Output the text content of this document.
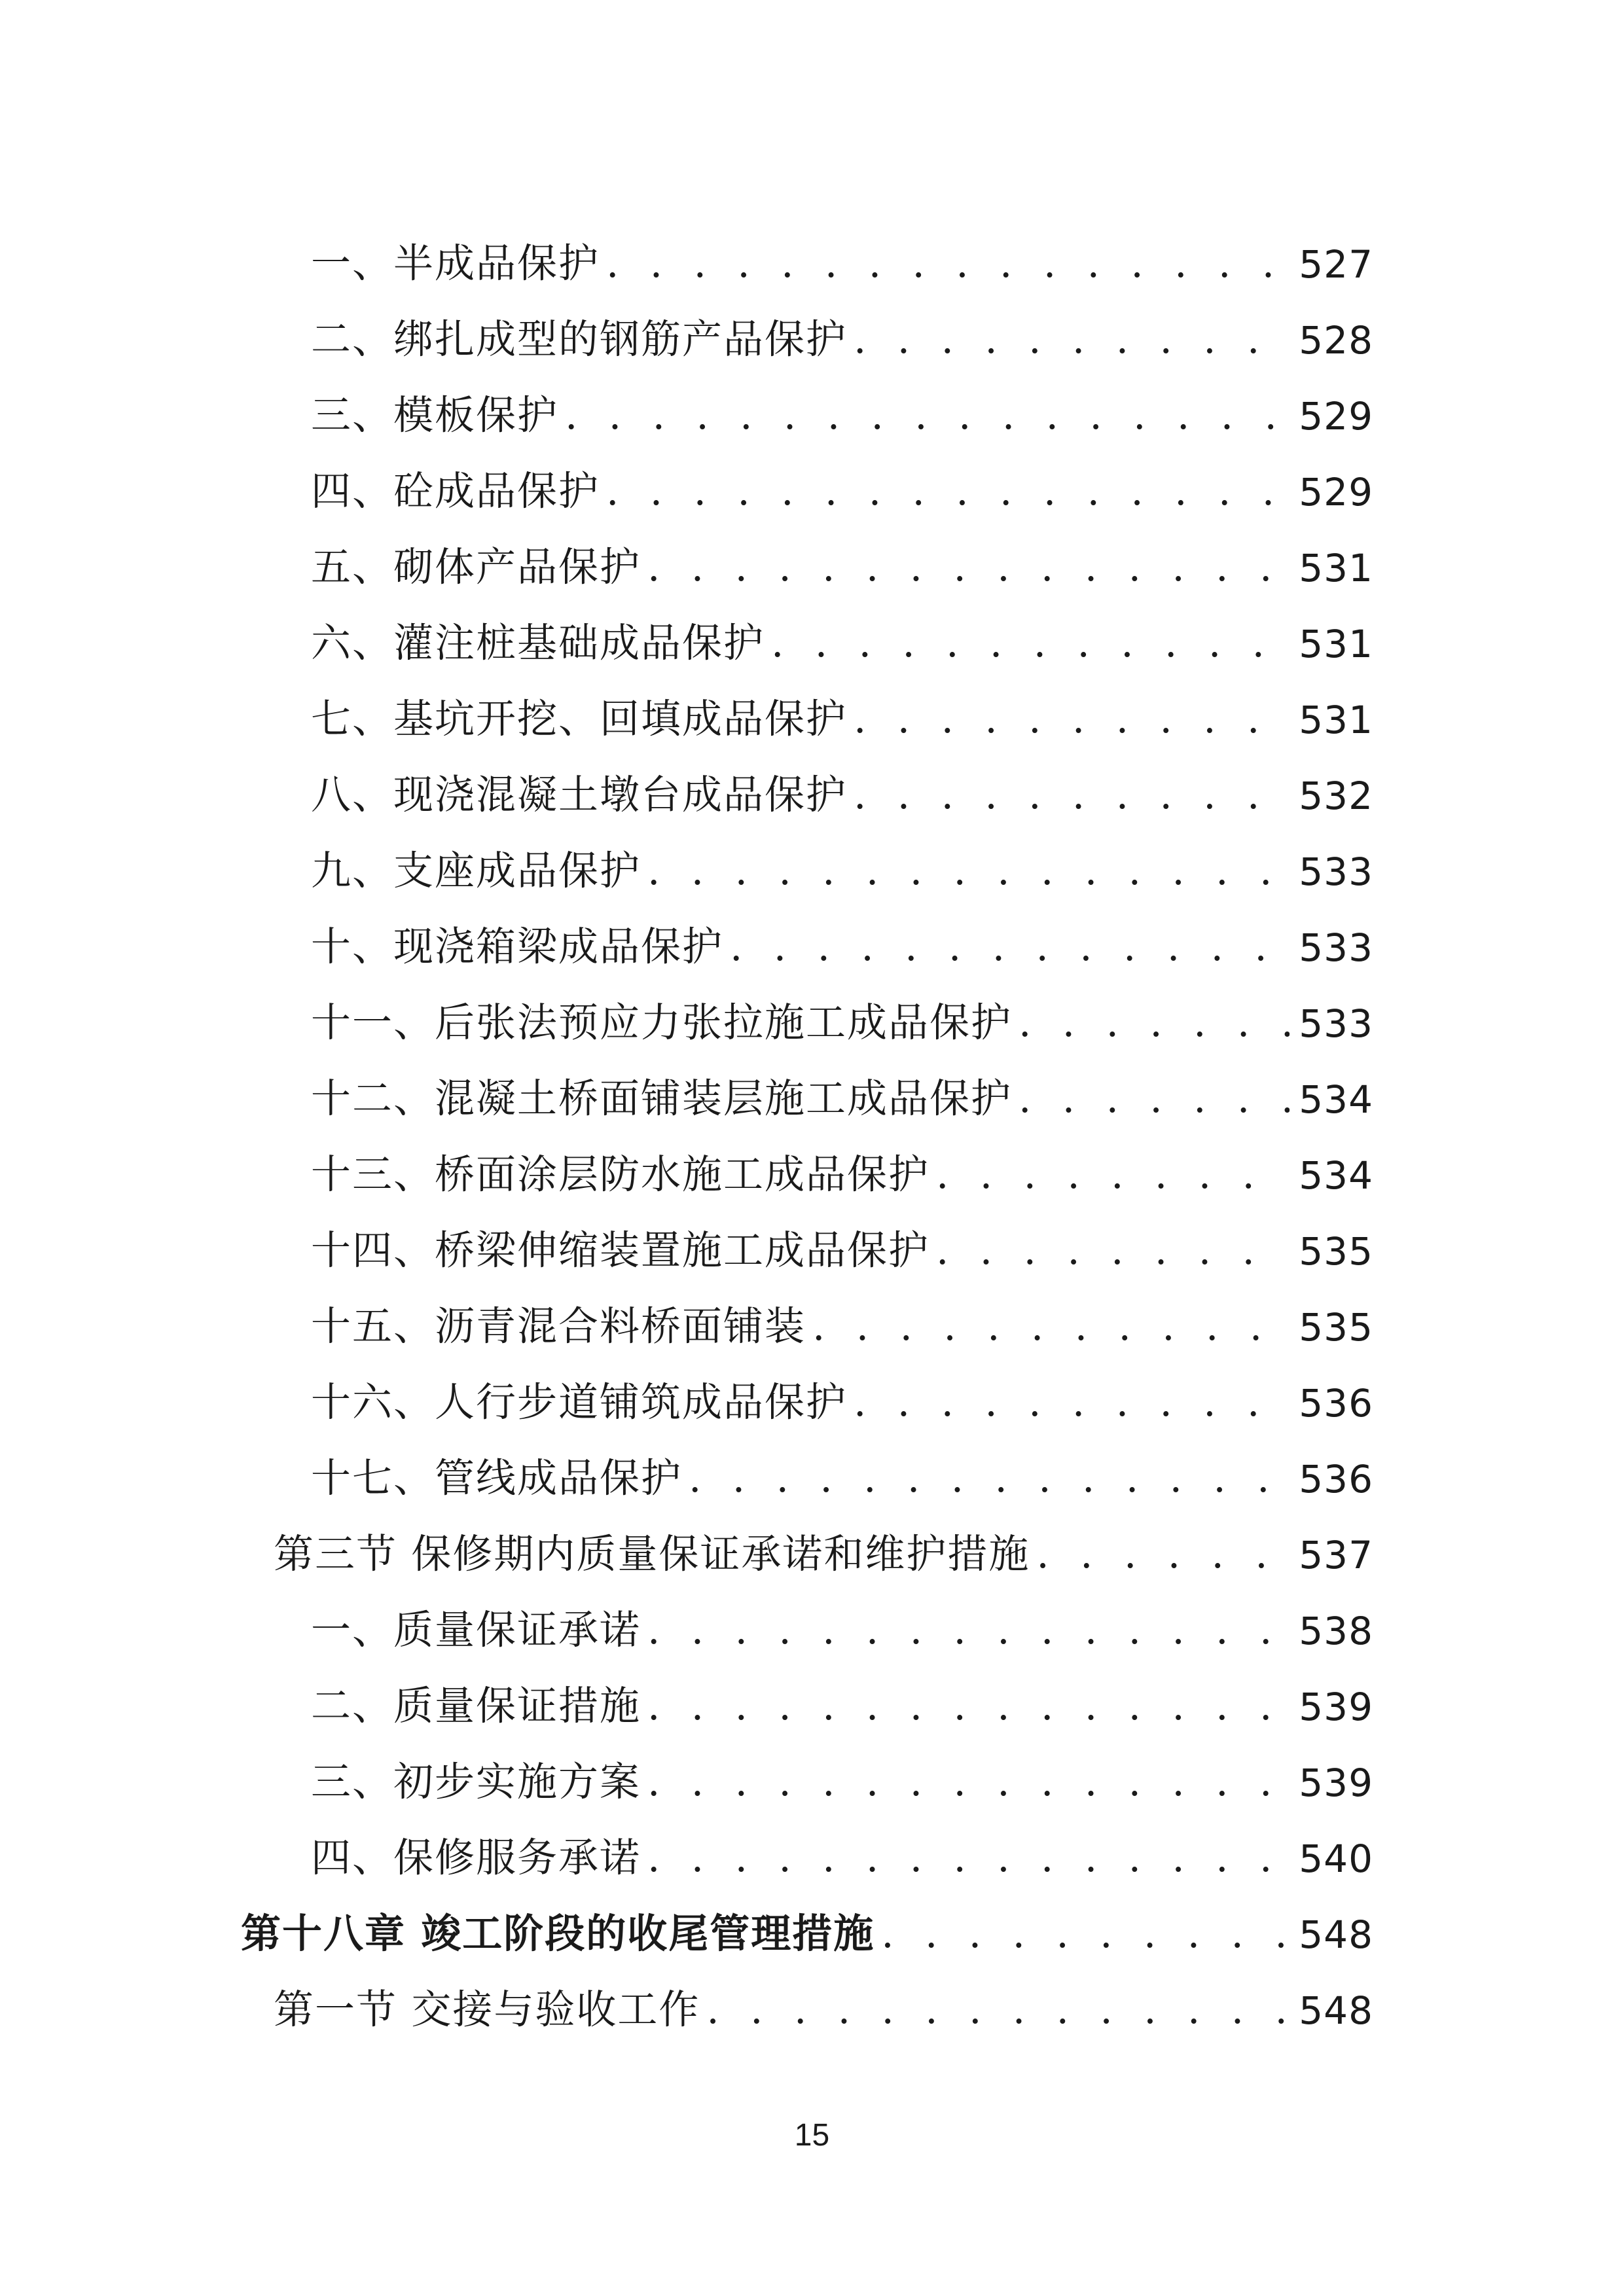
一、半成品保护 . . .	527
二、绑扎成型的钢筋产品保护 . . .	528
三、模板保护 . . .	529
四、砼成品保护 . . .	529
五、砌体产品保护 . . .	531
六、灌注桩基础成品保护 . . .	531
七、基坑开挖、回填成品保护 . . .	531
八、现浇混凝土墩台成品保护 . . .	532
九、支座成品保护 . . .	533
十、现浇箱梁成品保护 . . .	533
十一、后张法预应力张拉施工成品保护 . . .	533
十二、混凝土桥面铺装层施工成品保护 . . .	534
十三、桥面涂层防水施工成品保护 . . .	534
十四、桥梁伸缩装置施工成品保护 . . .	535
十五、沥青混合料桥面铺装 . . .	535
十六、人行步道铺筑成品保护 . . .	536
十七、管线成品保护 . . .	536
第三节 保修期内质量保证承诺和维护措施 . . .	537
一、质量保证承诺 . . .	538
二、质量保证措施 . . .	539
三、初步实施方案 . . .	539
四、保修服务承诺 . . .	540
第十八章 竣工阶段的收尾管理措施 . . .	548
第一节 交接与验收工作 . . .	548
15
